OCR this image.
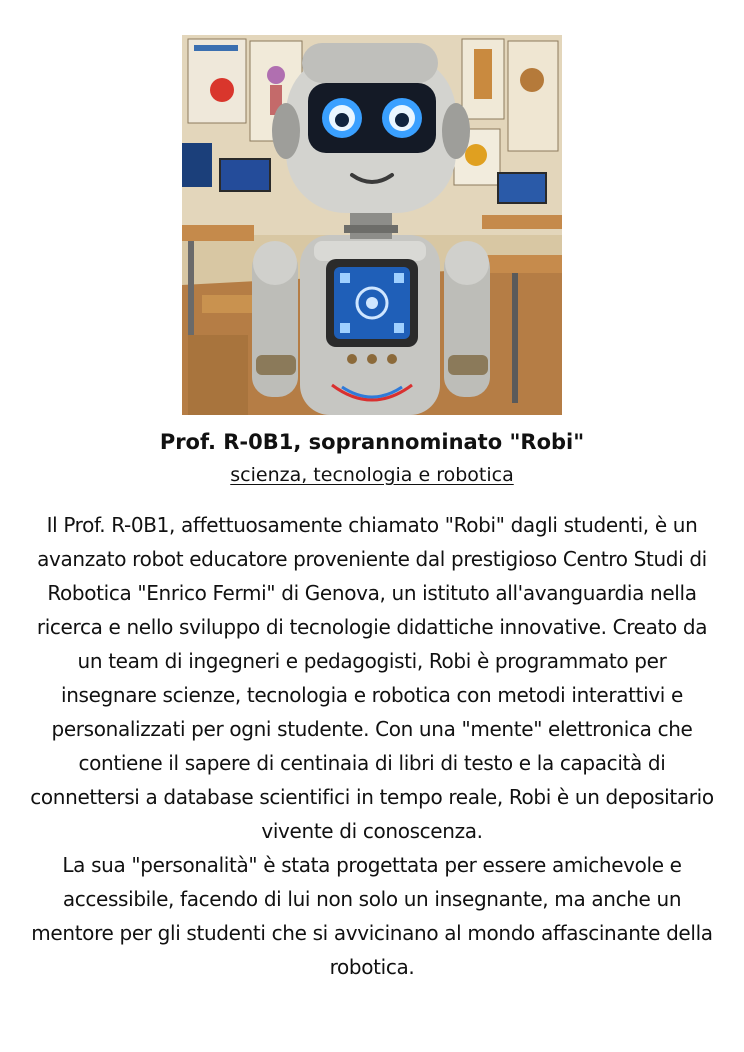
Prof. R-0B1, soprannominato "Robi"
scienza, tecnologia e robotica

Il Prof. R-0B1, affettuosamente chiamato "Robi" dagli studenti, è un avanzato robot educatore proveniente dal prestigioso Centro Studi di Robotica "Enrico Fermi" di Genova, un istituto all'avanguardia nella ricerca e nello sviluppo di tecnologie didattiche innovative. Creato da un team di ingegneri e pedagogisti, Robi è programmato per insegnare scienze, tecnologia e robotica con metodi interattivi e personalizzati per ogni studente. Con una "mente" elettronica che contiene il sapere di centinaia di libri di testo e la capacità di connettersi a database scientifici in tempo reale, Robi è un depositario vivente di conoscenza.

La sua "personalità" è stata progettata per essere amichevole e accessibile, facendo di lui non solo un insegnante, ma anche un mentore per gli studenti che si avvicinano al mondo affascinante della robotica.
